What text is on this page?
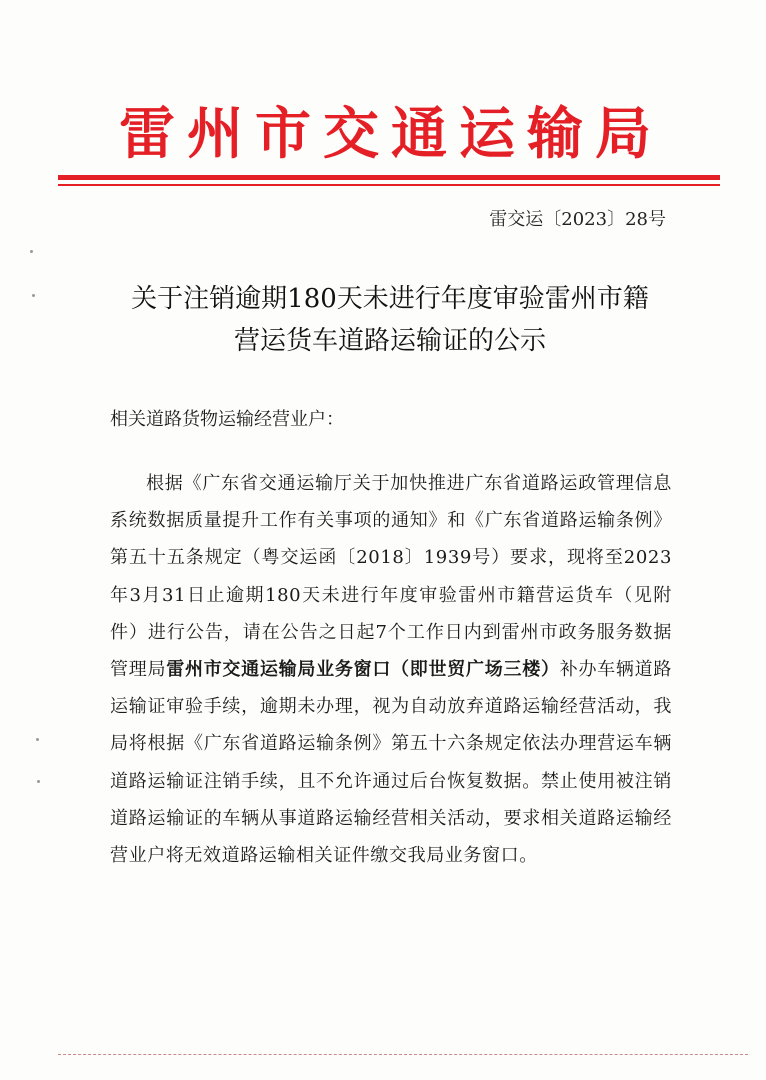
雷州市交通运输局
雷交运〔2023〕28号
关于注销逾期180天未进行年度审验雷州市籍
营运货车道路运输证的公示
相关道路货物运输经营业户：

根据《广东省交通运输厅关于加快推进广东省道路运政管理信息系统数据质量提升工作有关事项的通知》和《广东省道路运输条例》第五十五条规定（粤交运函〔2018〕1939号）要求，现将至2023年3月31日止逾期180天未进行年度审验雷州市籍营运货车（见附件）进行公告，请在公告之日起7个工作日内到雷州市政务服务数据管理局雷州市交通运输局业务窗口（即世贸广场三楼）补办车辆道路运输证审验手续，逾期未办理，视为自动放弃道路运输经营活动，我局将根据《广东省道路运输条例》第五十六条规定依法办理营运车辆道路运输证注销手续，且不允许通过后台恢复数据。禁止使用被注销道路运输证的车辆从事道路运输经营相关活动，要求相关道路运输经营业户将无效道路运输相关证件缴交我局业务窗口。
